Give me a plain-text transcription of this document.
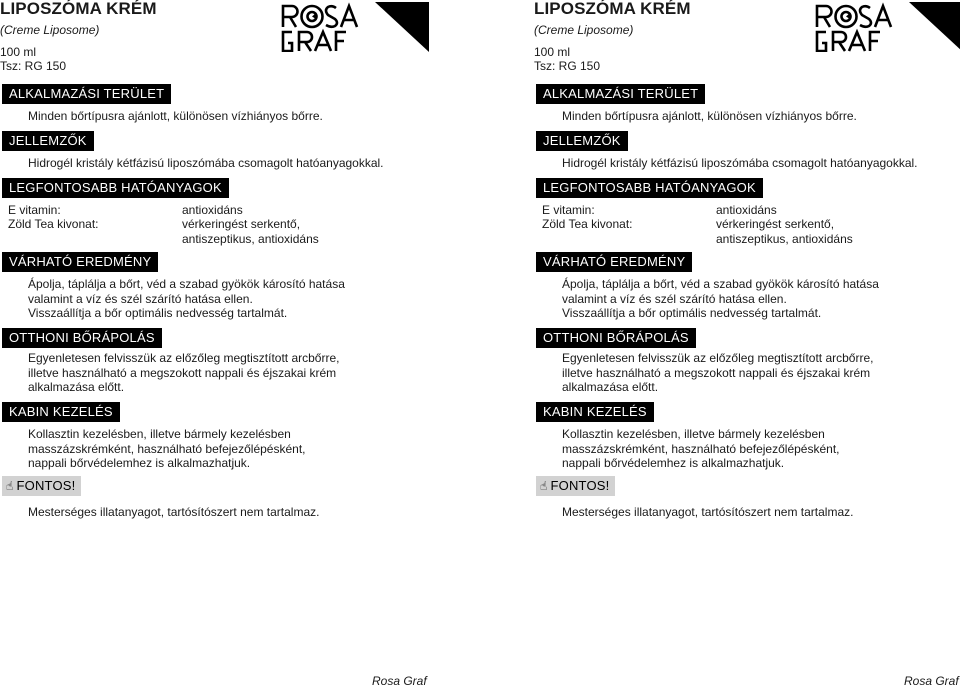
LIPOSZÓMA KRÉM
(Creme Liposome)
100 ml
Tsz: RG 150
ALKALMAZÁSI TERÜLET
Minden bőrtípusra ajánlott, különösen vízhiányos bőrre.
JELLEMZŐK
Hidrogél kristály kétfázisú liposzómába csomagolt hatóanyagokkal.
LEGFONTOSABB HATÓANYAGOK
E vitamin:	antioxidáns
Zöld Tea kivonat:	vérkeringést serkentő, antiszeptikus, antioxidáns
VÁRHATÓ EREDMÉNY
Ápolja, táplálja a bőrt, véd a szabad gyökök károsító hatása
valamint a víz és szél szárító hatása ellen.
Visszaállítja a bőr optimális nedvesség tartalmát.
OTTHONI BŐRÁPOLÁS
Egyenletesen felvisszük az előzőleg megtisztított arcbőrre,
illetve használható a megszokott nappali és éjszakai krém
alkalmazása előtt.
KABIN KEZELÉS
Kollasztin kezelésben, illetve bármely kezelésben
masszázskrémként, használható befejezőlépésként,
nappali bőrvédelemhez is alkalmazhatjuk.
☝ FONTOS!
Mesterséges illatanyagot, tartósítószert nem tartalmaz.
LIPOSZÓMA KRÉM
(Creme Liposome)
100 ml
Tsz: RG 150
ALKALMAZÁSI TERÜLET
Minden bőrtípusra ajánlott, különösen vízhiányos bőrre.
JELLEMZŐK
Hidrogél kristály kétfázisú liposzómába csomagolt hatóanyagokkal.
LEGFONTOSABB HATÓANYAGOK
E vitamin:	antioxidáns
Zöld Tea kivonat:	vérkeringést serkentő, antiszeptikus, antioxidáns
VÁRHATÓ EREDMÉNY
Ápolja, táplálja a bőrt, véd a szabad gyökök károsító hatása
valamint a víz és szél szárító hatása ellen.
Visszaállítja a bőr optimális nedvesség tartalmát.
OTTHONI BŐRÁPOLÁS
Egyenletesen felvisszük az előzőleg megtisztított arcbőrre,
illetve használható a megszokott nappali és éjszakai krém
alkalmazása előtt.
KABIN KEZELÉS
Kollasztin kezelésben, illetve bármely kezelésben
masszázskrémként, használható befejezőlépésként,
nappali bőrvédelemhez is alkalmazhatjuk.
☝ FONTOS!
Mesterséges illatanyagot, tartósítószert nem tartalmaz.
Rosa Graf	Rosa Graf
